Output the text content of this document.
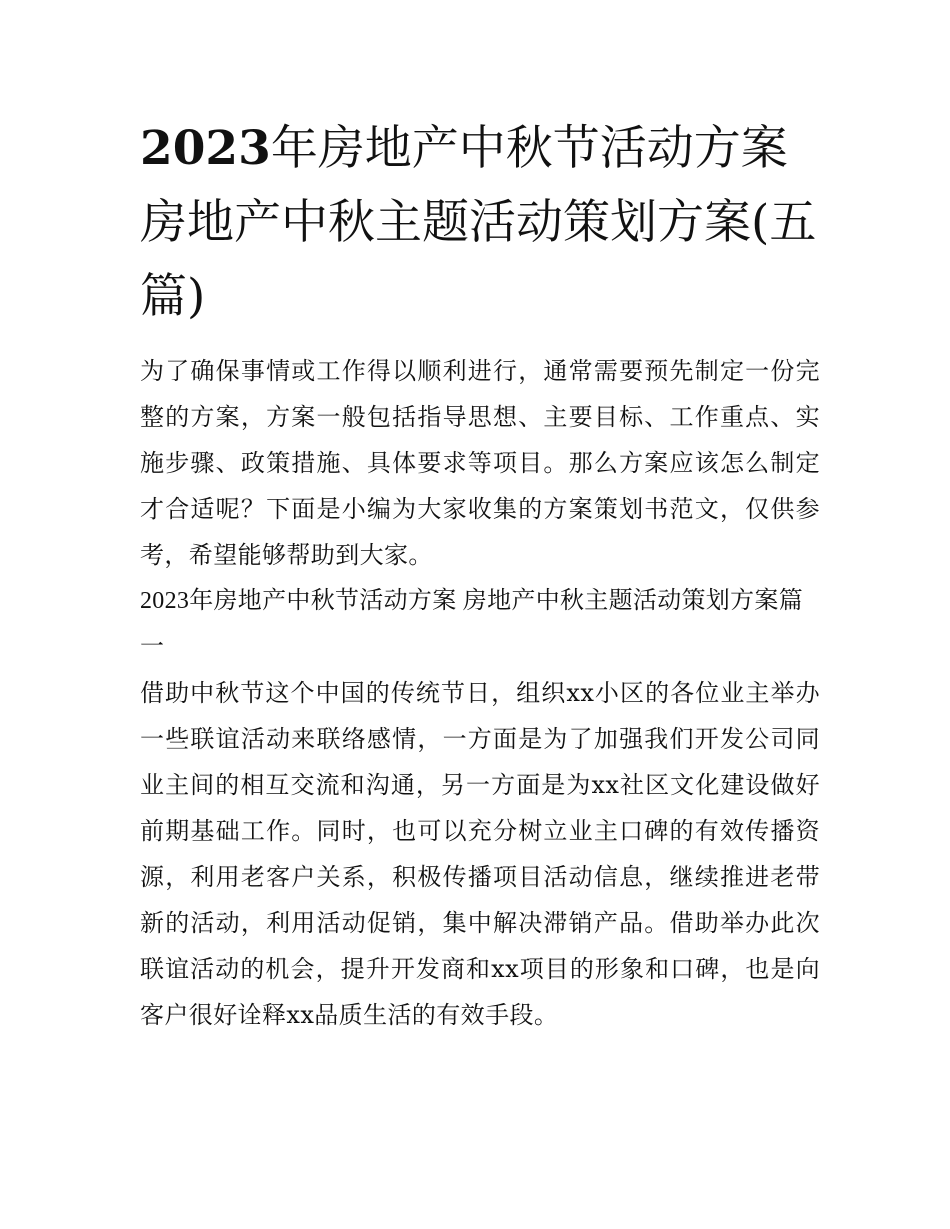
2023年房地产中秋节活动方案房地产中秋主题活动策划方案(五篇)

为了确保事情或工作得以顺利进行，通常需要预先制定一份完整的方案，方案一般包括指导思想、主要目标、工作重点、实施步骤、政策措施、具体要求等项目。那么方案应该怎么制定才合适呢？下面是小编为大家收集的方案策划书范文，仅供参考，希望能够帮助到大家。

2023年房地产中秋节活动方案 房地产中秋主题活动策划方案篇一

借助中秋节这个中国的传统节日，组织xx小区的各位业主举办一些联谊活动来联络感情，一方面是为了加强我们开发公司同业主间的相互交流和沟通，另一方面是为xx社区文化建设做好前期基础工作。同时，也可以充分树立业主口碑的有效传播资源，利用老客户关系，积极传播项目活动信息，继续推进老带新的活动，利用活动促销，集中解决滞销产品。借助举办此次联谊活动的机会，提升开发商和xx项目的形象和口碑，也是向客户很好诠释xx品质生活的有效手段。
